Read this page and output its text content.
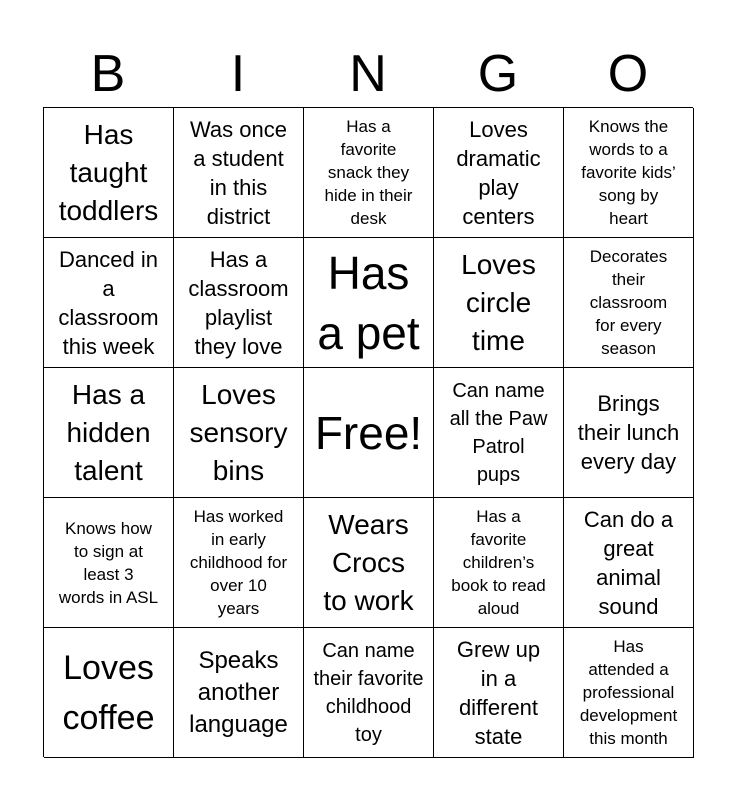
B	I	N	G	O
Has
taught
toddlers
Was once
a student
in this
district
Has a
favorite
snack they
hide in their
desk
Loves
dramatic
play
centers
Knows the
words to a
favorite kids’
song by
heart
Danced in
a
classroom
this week
Has a
classroom
playlist
they love
Has
a pet
Loves
circle
time
Decorates
their
classroom
for every
season
Has a
hidden
talent
Loves
sensory
bins
Free!
Can name
all the Paw
Patrol
pups
Brings
their lunch
every day
Knows how
to sign at
least 3
words in ASL
Has worked
in early
childhood for
over 10
years
Wears
Crocs
to work
Has a
favorite
children’s
book to read
aloud
Can do a
great
animal
sound
Loves
coffee
Speaks
another
language
Can name
their favorite
childhood
toy
Grew up
in a
different
state
Has
attended a
professional
development
this month
